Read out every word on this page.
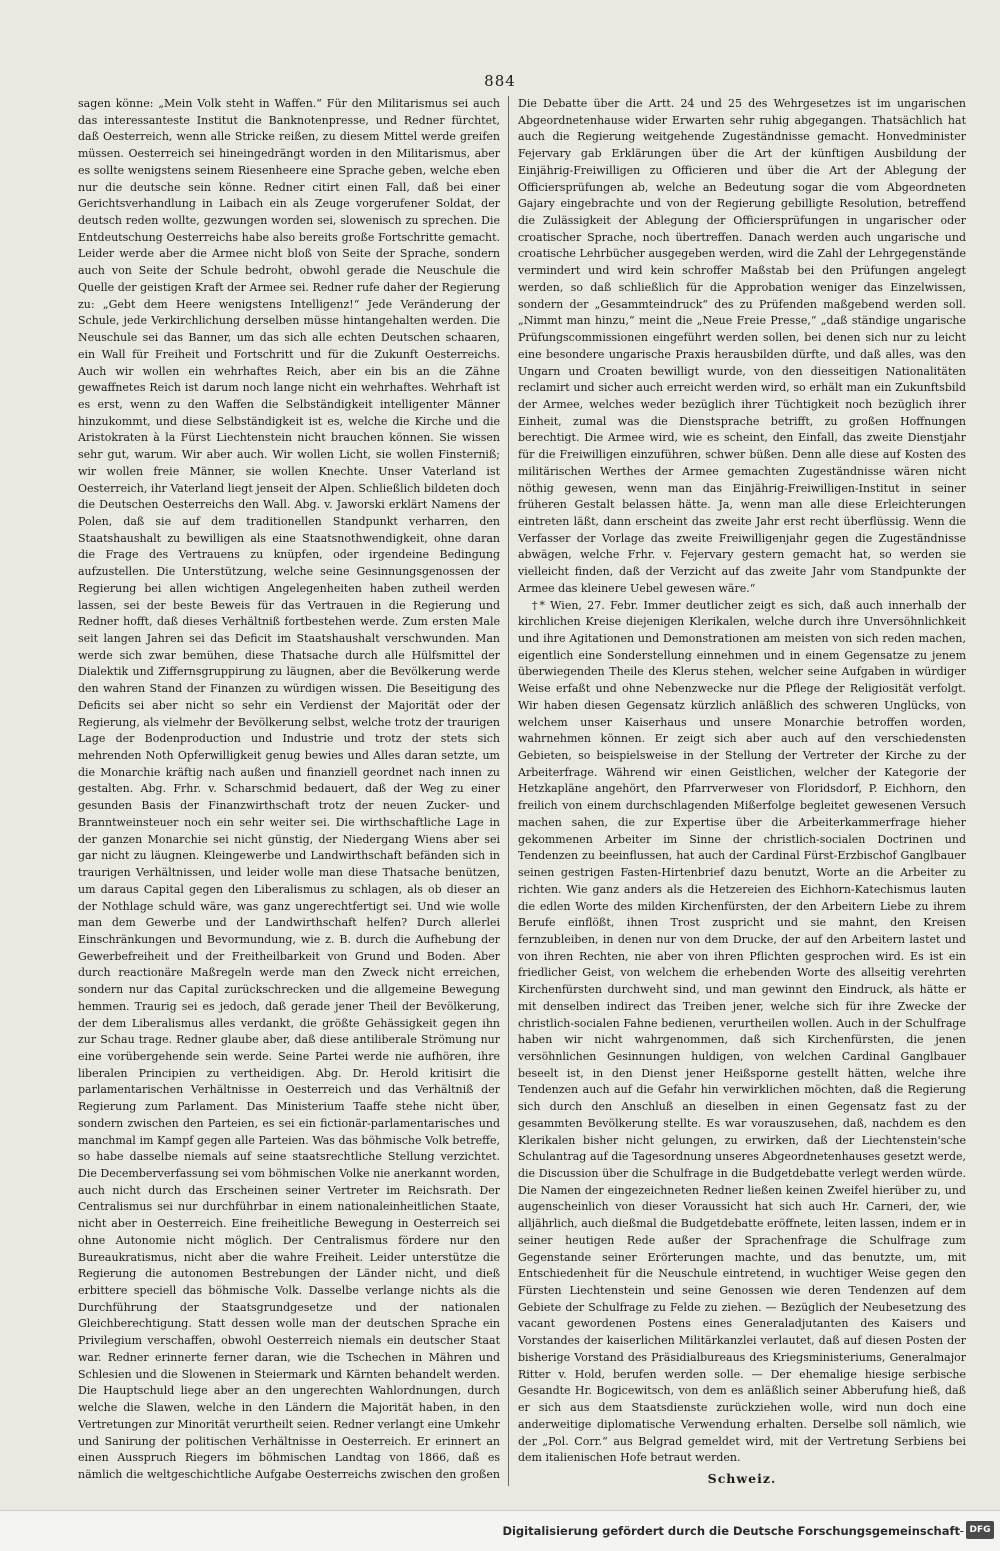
884

sagen könne: „Mein Volk steht in Waffen.“ Für den Militarismus sei auch das interessanteste Institut die Banknotenpresse, und Redner fürchtet, daß Oesterreich, wenn alle Stricke reißen, zu diesem Mittel werde greifen müssen. Oesterreich sei hineingedrängt worden in den Militarismus, aber es sollte wenigstens seinem Riesenheere eine Sprache geben, welche eben nur die deutsche sein könne. Redner citirt einen Fall, daß bei einer Gerichtsverhandlung in Laibach ein als Zeuge vorgerufener Soldat, der deutsch reden wollte, gezwungen worden sei, slowenisch zu sprechen. Die Entdeutschung Oesterreichs habe also bereits große Fortschritte gemacht. Leider werde aber die Armee nicht bloß von Seite der Sprache, sondern auch von Seite der Schule bedroht, obwohl gerade die Neuschule die Quelle der geistigen Kraft der Armee sei. Redner rufe daher der Regierung zu: „Gebt dem Heere wenigstens Intelligenz!“ Jede Veränderung der Schule, jede Verkirchlichung derselben müsse hintangehalten werden. Die Neuschule sei das Banner, um das sich alle echten Deutschen schaaren, ein Wall für Freiheit und Fortschritt und für die Zukunft Oesterreichs. Auch wir wollen ein wehrhaftes Reich, aber ein bis an die Zähne gewaffnetes Reich ist darum noch lange nicht ein wehrhaftes. Wehrhaft ist es erst, wenn zu den Waffen die Selbständigkeit intelligenter Männer hinzukommt, und diese Selbständigkeit ist es, welche die Kirche und die Aristokraten à la Fürst Liechtenstein nicht brauchen können. Sie wissen sehr gut, warum. Wir aber auch. Wir wollen Licht, sie wollen Finsterniß; wir wollen freie Männer, sie wollen Knechte. Unser Vaterland ist Oesterreich, ihr Vaterland liegt jenseit der Alpen. Schließlich bildeten doch die Deutschen Oesterreichs den Wall. Abg. v. Jaworski erklärt Namens der Polen, daß sie auf dem traditionellen Standpunkt verharren, den Staatshaushalt zu bewilligen als eine Staatsnothwendigkeit, ohne daran die Frage des Vertrauens zu knüpfen, oder irgendeine Bedingung aufzustellen. Die Unterstützung, welche seine Gesinnungsgenossen der Regierung bei allen wichtigen Angelegenheiten haben zutheil werden lassen, sei der beste Beweis für das Vertrauen in die Regierung und Redner hofft, daß dieses Verhältniß fortbestehen werde. Zum ersten Male seit langen Jahren sei das Deficit im Staatshaushalt verschwunden. Man werde sich zwar bemühen, diese Thatsache durch alle Hülfsmittel der Dialektik und Ziffernsgruppirung zu läugnen, aber die Bevölkerung werde den wahren Stand der Finanzen zu würdigen wissen. Die Beseitigung des Deficits sei aber nicht so sehr ein Verdienst der Majorität oder der Regierung, als vielmehr der Bevölkerung selbst, welche trotz der traurigen Lage der Bodenproduction und Industrie und trotz der stets sich mehrenden Noth Opferwilligkeit genug bewies und Alles daran setzte, um die Monarchie kräftig nach außen und finanziell geordnet nach innen zu gestalten. Abg. Frhr. v. Scharschmid bedauert, daß der Weg zu einer gesunden Basis der Finanzwirthschaft trotz der neuen Zucker- und Branntweinsteuer noch ein sehr weiter sei. Die wirthschaftliche Lage in der ganzen Monarchie sei nicht günstig, der Niedergang Wiens aber sei gar nicht zu läugnen. Kleingewerbe und Landwirthschaft befänden sich in traurigen Verhältnissen, und leider wolle man diese Thatsache benützen, um daraus Capital gegen den Liberalismus zu schlagen, als ob dieser an der Nothlage schuld wäre, was ganz ungerechtfertigt sei. Und wie wolle man dem Gewerbe und der Landwirthschaft helfen? Durch allerlei Einschränkungen und Bevormundung, wie z. B. durch die Aufhebung der Gewerbefreiheit und der Freitheilbarkeit von Grund und Boden. Aber durch reactionäre Maßregeln werde man den Zweck nicht erreichen, sondern nur das Capital zurückschrecken und die allgemeine Bewegung hemmen. Traurig sei es jedoch, daß gerade jener Theil der Bevölkerung, der dem Liberalismus alles verdankt, die größte Gehässigkeit gegen ihn zur Schau trage. Redner glaube aber, daß diese antiliberale Strömung nur eine vorübergehende sein werde. Seine Partei werde nie aufhören, ihre liberalen Principien zu vertheidigen. Abg. Dr. Herold kritisirt die parlamentarischen Verhältnisse in Oesterreich und das Verhältniß der Regierung zum Parlament. Das Ministerium Taaffe stehe nicht über, sondern zwischen den Parteien, es sei ein fictionär-parlamentarisches und manchmal im Kampf gegen alle Parteien. Was das böhmische Volk betreffe, so habe dasselbe niemals auf seine staatsrechtliche Stellung verzichtet. Die Decemberverfassung sei vom böhmischen Volke nie anerkannt worden, auch nicht durch das Erscheinen seiner Vertreter im Reichsrath. Der Centralismus sei nur durchführbar in einem nationaleinheitlichen Staate, nicht aber in Oesterreich. Eine freiheitliche Bewegung in Oesterreich sei ohne Autonomie nicht möglich. Der Centralismus fördere nur den Bureaukratismus, nicht aber die wahre Freiheit. Leider unterstütze die Regierung die autonomen Bestrebungen der Länder nicht, und dieß erbittere speciell das böhmische Volk. Dasselbe verlange nichts als die Durchführung der Staatsgrundgesetze und der nationalen Gleichberechtigung. Statt dessen wolle man der deutschen Sprache ein Privilegium verschaffen, obwohl Oesterreich niemals ein deutscher Staat war. Redner erinnerte ferner daran, wie die Tschechen in Mähren und Schlesien und die Slowenen in Steiermark und Kärnten behandelt werden. Die Hauptschuld liege aber an den ungerechten Wahlordnungen, durch welche die Slawen, welche in den Ländern die Majorität haben, in den Vertretungen zur Minorität verurtheilt seien. Redner verlangt eine Umkehr und Sanirung der politischen Verhältnisse in Oesterreich. Er erinnert an einen Ausspruch Riegers im böhmischen Landtag von 1866, daß es nämlich die weltgeschichtliche Aufgabe Oesterreichs zwischen den großen

Die Debatte über die Artt. 24 und 25 des Wehrgesetzes ist im ungarischen Abgeordnetenhause wider Erwarten sehr ruhig abgegangen. Thatsächlich hat auch die Regierung weitgehende Zugeständnisse gemacht. Honvedminister Fejervary gab Erklärungen über die Art der künftigen Ausbildung der Einjährig-Freiwilligen zu Officieren und über die Art der Ablegung der Officiersprüfungen ab, welche an Bedeutung sogar die vom Abgeordneten Gajary eingebrachte und von der Regierung gebilligte Resolution, betreffend die Zulässigkeit der Ablegung der Officiersprüfungen in ungarischer oder croatischer Sprache, noch übertreffen. Danach werden auch ungarische und croatische Lehrbücher ausgegeben werden, wird die Zahl der Lehrgegenstände vermindert und wird kein schroffer Maßstab bei den Prüfungen angelegt werden, so daß schließlich für die Approbation weniger das Einzelwissen, sondern der „Gesammteindruck“ des zu Prüfenden maßgebend werden soll. „Nimmt man hinzu,“ meint die „Neue Freie Presse,“ „daß ständige ungarische Prüfungscommissionen eingeführt werden sollen, bei denen sich nur zu leicht eine besondere ungarische Praxis herausbilden dürfte, und daß alles, was den Ungarn und Croaten bewilligt wurde, von den diesseitigen Nationalitäten reclamirt und sicher auch erreicht werden wird, so erhält man ein Zukunftsbild der Armee, welches weder bezüglich ihrer Tüchtigkeit noch bezüglich ihrer Einheit, zumal was die Dienstsprache betrifft, zu großen Hoffnungen berechtigt. Die Armee wird, wie es scheint, den Einfall, das zweite Dienstjahr für die Freiwilligen einzuführen, schwer büßen. Denn alle diese auf Kosten des militärischen Werthes der Armee gemachten Zugeständnisse wären nicht nöthig gewesen, wenn man das Einjährig-Freiwilligen-Institut in seiner früheren Gestalt belassen hätte. Ja, wenn man alle diese Erleichterungen eintreten läßt, dann erscheint das zweite Jahr erst recht überflüssig. Wenn die Verfasser der Vorlage das zweite Freiwilligenjahr gegen die Zugeständnisse abwägen, welche Frhr. v. Fejervary gestern gemacht hat, so werden sie vielleicht finden, daß der Verzicht auf das zweite Jahr vom Standpunkte der Armee das kleinere Uebel gewesen wäre.“

†* Wien, 27. Febr. Immer deutlicher zeigt es sich, daß auch innerhalb der kirchlichen Kreise diejenigen Klerikalen, welche durch ihre Unversöhnlichkeit und ihre Agitationen und Demonstrationen am meisten von sich reden machen, eigentlich eine Sonderstellung einnehmen und in einem Gegensatze zu jenem überwiegenden Theile des Klerus stehen, welcher seine Aufgaben in würdiger Weise erfaßt und ohne Nebenzwecke nur die Pflege der Religiosität verfolgt. Wir haben diesen Gegensatz kürzlich anläßlich des schweren Unglücks, von welchem unser Kaiserhaus und unsere Monarchie betroffen worden, wahrnehmen können. Er zeigt sich aber auch auf den verschiedensten Gebieten, so beispielsweise in der Stellung der Vertreter der Kirche zu der Arbeiterfrage. Während wir einen Geistlichen, welcher der Kategorie der Hetzkapläne angehört, den Pfarrverweser von Floridsdorf, P. Eichhorn, den freilich von einem durchschlagenden Mißerfolge begleitet gewesenen Versuch machen sahen, die zur Expertise über die Arbeiterkammerfrage hieher gekommenen Arbeiter im Sinne der christlich-socialen Doctrinen und Tendenzen zu beeinflussen, hat auch der Cardinal Fürst-Erzbischof Ganglbauer seinen gestrigen Fasten-Hirtenbrief dazu benutzt, Worte an die Arbeiter zu richten. Wie ganz anders als die Hetzereien des Eichhorn-Katechismus lauten die edlen Worte des milden Kirchenfürsten, der den Arbeitern Liebe zu ihrem Berufe einflößt, ihnen Trost zuspricht und sie mahnt, den Kreisen fernzubleiben, in denen nur von dem Drucke, der auf den Arbeitern lastet und von ihren Rechten, nie aber von ihren Pflichten gesprochen wird. Es ist ein friedlicher Geist, von welchem die erhebenden Worte des allseitig verehrten Kirchenfürsten durchweht sind, und man gewinnt den Eindruck, als hätte er mit denselben indirect das Treiben jener, welche sich für ihre Zwecke der christlich-socialen Fahne bedienen, verurtheilen wollen. Auch in der Schulfrage haben wir nicht wahrgenommen, daß sich Kirchenfürsten, die jenen versöhnlichen Gesinnungen huldigen, von welchen Cardinal Ganglbauer beseelt ist, in den Dienst jener Heißsporne gestellt hätten, welche ihre Tendenzen auch auf die Gefahr hin verwirklichen möchten, daß die Regierung sich durch den Anschluß an dieselben in einen Gegensatz fast zu der gesammten Bevölkerung stellte. Es war vorauszusehen, daß, nachdem es den Klerikalen bisher nicht gelungen, zu erwirken, daß der Liechtenstein'sche Schulantrag auf die Tagesordnung unseres Abgeordnetenhauses gesetzt werde, die Discussion über die Schulfrage in die Budgetdebatte verlegt werden würde. Die Namen der eingezeichneten Redner ließen keinen Zweifel hierüber zu, und augenscheinlich von dieser Voraussicht hat sich auch Hr. Carneri, der, wie alljährlich, auch dießmal die Budgetdebatte eröffnete, leiten lassen, indem er in seiner heutigen Rede außer der Sprachenfrage die Schulfrage zum Gegenstande seiner Erörterungen machte, und das benutzte, um, mit Entschiedenheit für die Neuschule eintretend, in wuchtiger Weise gegen den Fürsten Liechtenstein und seine Genossen wie deren Tendenzen auf dem Gebiete der Schulfrage zu Felde zu ziehen. — Bezüglich der Neubesetzung des vacant gewordenen Postens eines Generaladjutanten des Kaisers und Vorstandes der kaiserlichen Militärkanzlei verlautet, daß auf diesen Posten der bisherige Vorstand des Präsidialbureaus des Kriegsministeriums, Generalmajor Ritter v. Hold, berufen werden solle. — Der ehemalige hiesige serbische Gesandte Hr. Bogicewitsch, von dem es anläßlich seiner Abberufung hieß, daß er sich aus dem Staatsdienste zurückziehen wolle, wird nun doch eine anderweitige diplomatische Verwendung erhalten. Derselbe soll nämlich, wie der „Pol. Corr.“ aus Belgrad gemeldet wird, mit der Vertretung Serbiens bei dem italienischen Hofe betraut werden.

Schweiz.

Digitalisierung gefördert durch die Deutsche Forschungsgemeinschaft - DFG
